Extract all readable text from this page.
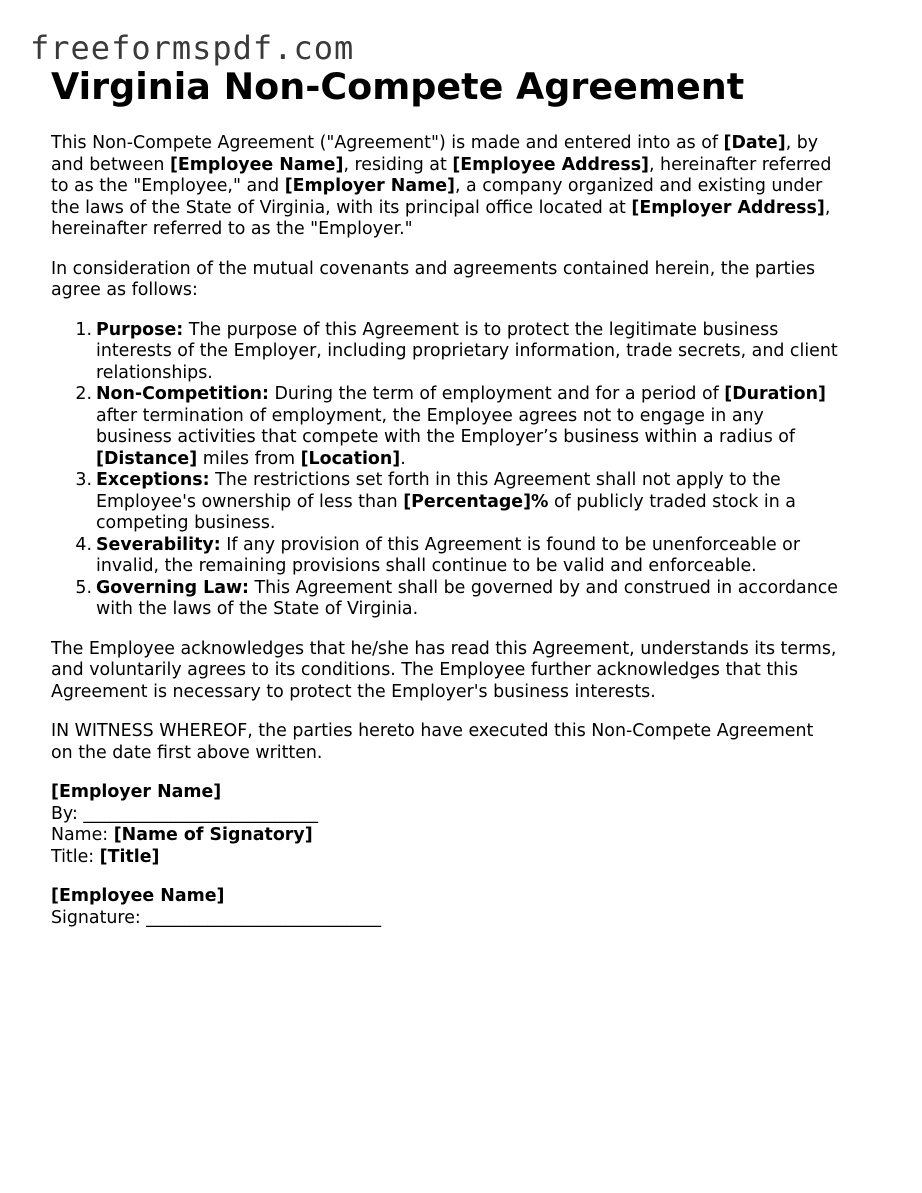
freeformspdf.com
Virginia Non-Compete Agreement

This Non-Compete Agreement ("Agreement") is made and entered into as of [Date], by

and between [Employee Name], residing at [Employee Address], hereinafter referred

to as the "Employee," and [Employer Name], a company organized and existing under

the laws of the State of Virginia, with its principal office located at [Employer Address],

hereinafter referred to as the "Employer."

In consideration of the mutual covenants and agreements contained herein, the parties

agree as follows:

1. Purpose: The purpose of this Agreement is to protect the legitimate business

interests of the Employer, including proprietary information, trade secrets, and client

relationships.

2. Non-Competition: During the term of employment and for a period of [Duration]

after termination of employment, the Employee agrees not to engage in any

business activities that compete with the Employer’s business within a radius of

[Distance] miles from [Location].

3. Exceptions: The restrictions set forth in this Agreement shall not apply to the

Employee's ownership of less than [Percentage]% of publicly traded stock in a

competing business.

4. Severability: If any provision of this Agreement is found to be unenforceable or

invalid, the remaining provisions shall continue to be valid and enforceable.

5. Governing Law: This Agreement shall be governed by and construed in accordance

with the laws of the State of Virginia.

The Employee acknowledges that he/she has read this Agreement, understands its terms,

and voluntarily agrees to its conditions. The Employee further acknowledges that this

Agreement is necessary to protect the Employer's business interests.

IN WITNESS WHEREOF, the parties hereto have executed this Non-Compete Agreement

on the date first above written.

[Employer Name]

By: ___________________________

Name: [Name of Signatory]

Title: [Title]

[Employee Name]

Signature: ___________________________
